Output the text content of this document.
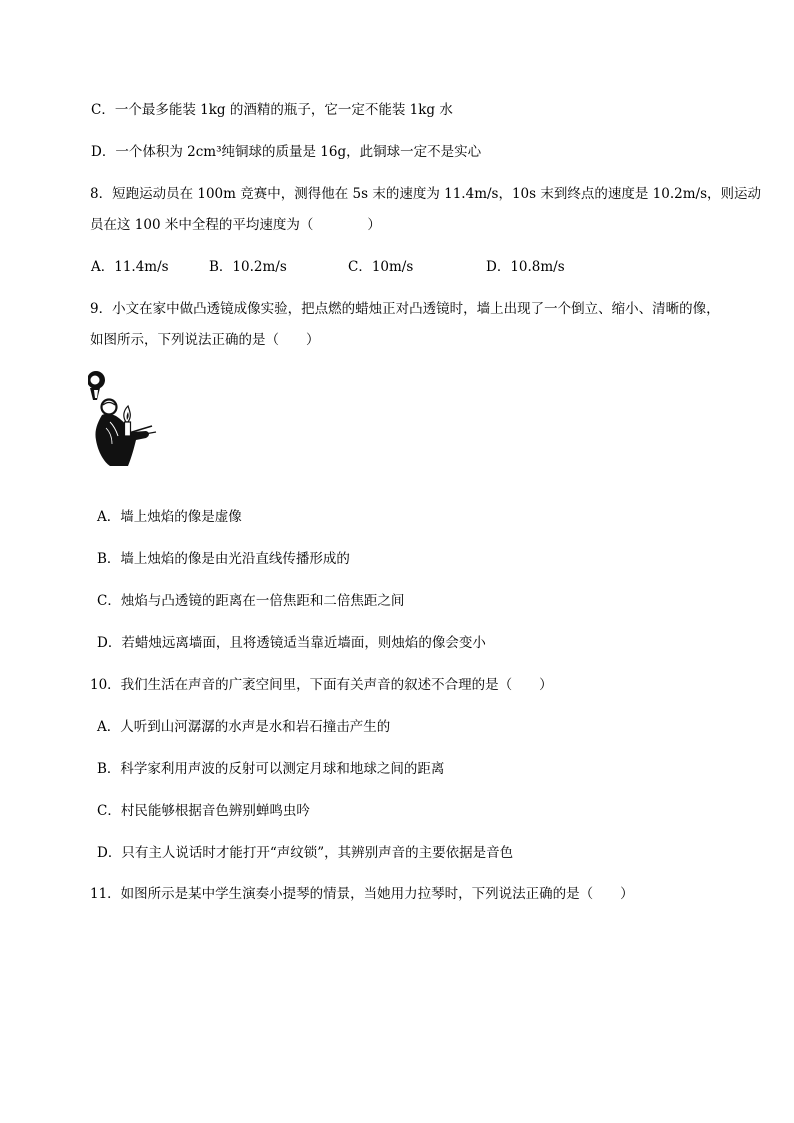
C．一个最多能装 1kg 的酒精的瓶子，它一定不能装 1kg 水
D．一个体积为 2cm³纯铜球的质量是 16g，此铜球一定不是实心
8．短跑运动员在 100m 竞赛中，测得他在 5s 末的速度为 11.4m/s，10s 末到终点的速度是 10.2m/s，则运动
员在这 100 米中全程的平均速度为（　　　　）
A．11.4m/s	B．10.2m/s	C．10m/s	D．10.8m/s
9．小文在家中做凸透镜成像实验，把点燃的蜡烛正对凸透镜时，墙上出现了一个倒立、缩小、清晰的像，
如图所示，下列说法正确的是（　　）
A．墙上烛焰的像是虚像
B．墙上烛焰的像是由光沿直线传播形成的
C．烛焰与凸透镜的距离在一倍焦距和二倍焦距之间
D．若蜡烛远离墙面，且将透镜适当靠近墙面，则烛焰的像会变小
10．我们生活在声音的广袤空间里，下面有关声音的叙述不合理的是（　　）
A．人听到山河潺潺的水声是水和岩石撞击产生的
B．科学家利用声波的反射可以测定月球和地球之间的距离
C．村民能够根据音色辨别蝉鸣虫吟
D．只有主人说话时才能打开“声纹锁”，其辨别声音的主要依据是音色
11．如图所示是某中学生演奏小提琴的情景，当她用力拉琴时，下列说法正确的是（　　）
